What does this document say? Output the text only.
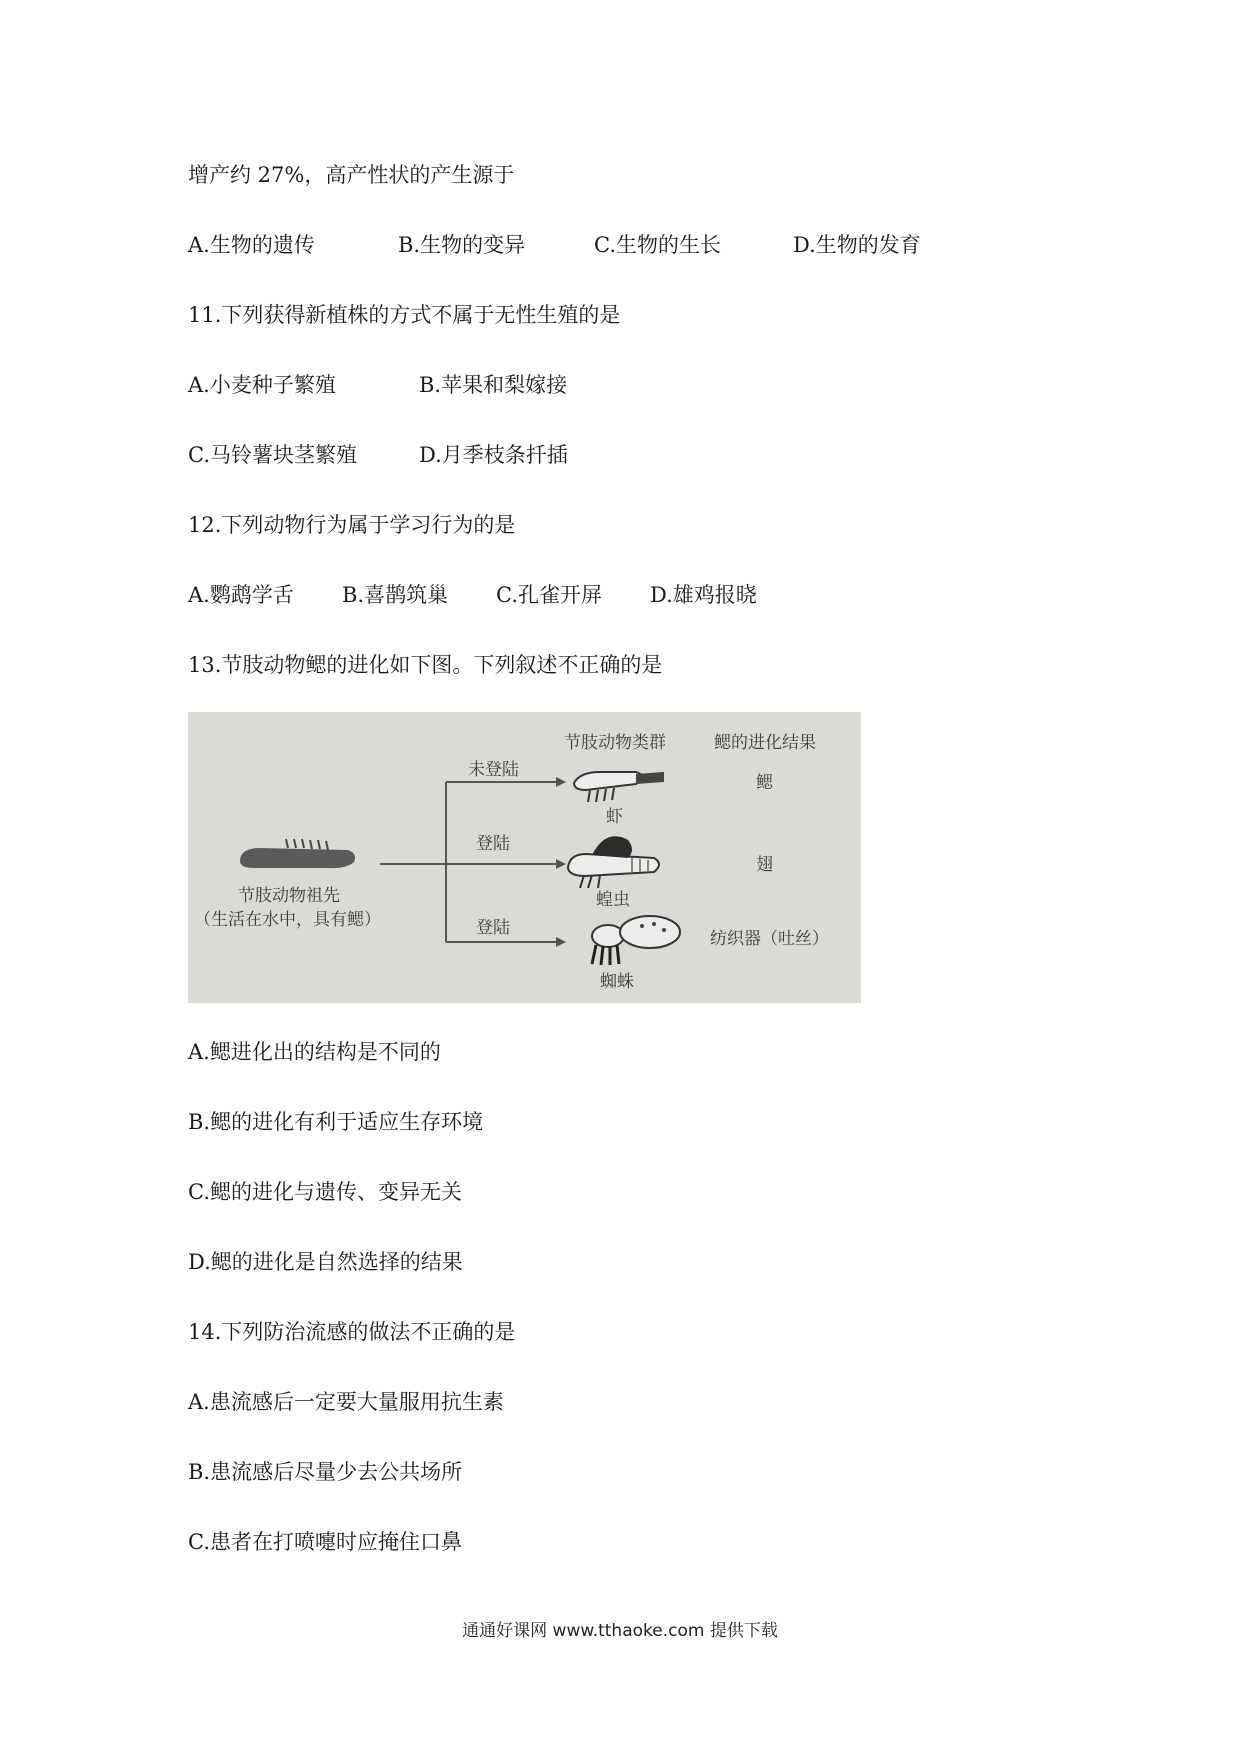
增产约 27%，高产性状的产生源于
A.生物的遗传	B.生物的变异	C.生物的生长	D.生物的发育
11.下列获得新植株的方式不属于无性生殖的是
A.小麦种子繁殖	B.苹果和梨嫁接
C.马铃薯块茎繁殖	D.月季枝条扦插
12.下列动物行为属于学习行为的是
A.鹦鹉学舌 B.喜鹊筑巢 C.孔雀开屏 D.雄鸡报晓
13.节肢动物鳃的进化如下图。下列叙述不正确的是
节肢动物类群	鳃的进化结果
节肢动物祖先
（生活在水中，具有鳃）
未登陆
登陆
登陆
虾
鳃
蝗虫
翅
蜘蛛
纺织器（吐丝）
A.鳃进化出的结构是不同的
B.鳃的进化有利于适应生存环境
C.鳃的进化与遗传、变异无关
D.鳃的进化是自然选择的结果
14.下列防治流感的做法不正确的是
A.患流感后一定要大量服用抗生素
B.患流感后尽量少去公共场所
C.患者在打喷嚏时应掩住口鼻
通通好课网 www.tthaoke.com 提供下载
